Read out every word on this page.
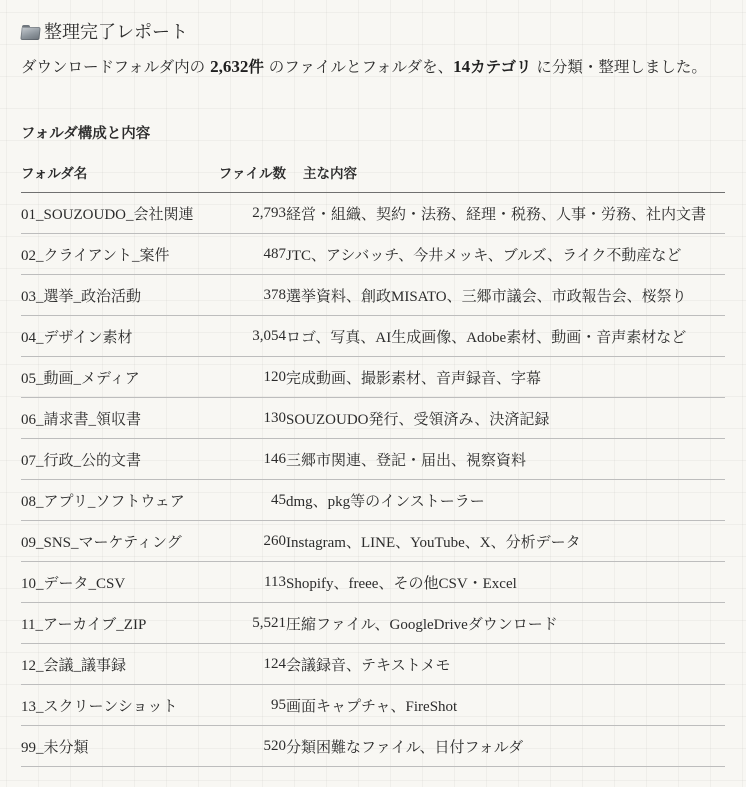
整理完了レポート

ダウンロードフォルダ内の 2,632件 のファイルとフォルダを、14カテゴリ に分類・整理しました。

フォルダ構成と内容
フォルダ名	ファイル数	主な内容
01_SOUZOUDO_会社関連	2,793	経営・組織、契約・法務、経理・税務、人事・労務、社内文書
02_クライアント_案件	487	JTC、アシバッチ、今井メッキ、ブルズ、ライク不動産など
03_選挙_政治活動	378	選挙資料、創政MISATO、三郷市議会、市政報告会、桜祭り
04_デザイン素材	3,054	ロゴ、写真、AI生成画像、Adobe素材、動画・音声素材など
05_動画_メディア	120	完成動画、撮影素材、音声録音、字幕
06_請求書_領収書	130	SOUZOUDO発行、受領済み、決済記録
07_行政_公的文書	146	三郷市関連、登記・届出、視察資料
08_アプリ_ソフトウェア	45	dmg、pkg等のインストーラー
09_SNS_マーケティング	260	Instagram、LINE、YouTube、X、分析データ
10_データ_CSV	113	Shopify、freee、その他CSV・Excel
11_アーカイブ_ZIP	5,521	圧縮ファイル、GoogleDriveダウンロード
12_会議_議事録	124	会議録音、テキストメモ
13_スクリーンショット	95	画面キャプチャ、FireShot
99_未分類	520	分類困難なファイル、日付フォルダ
